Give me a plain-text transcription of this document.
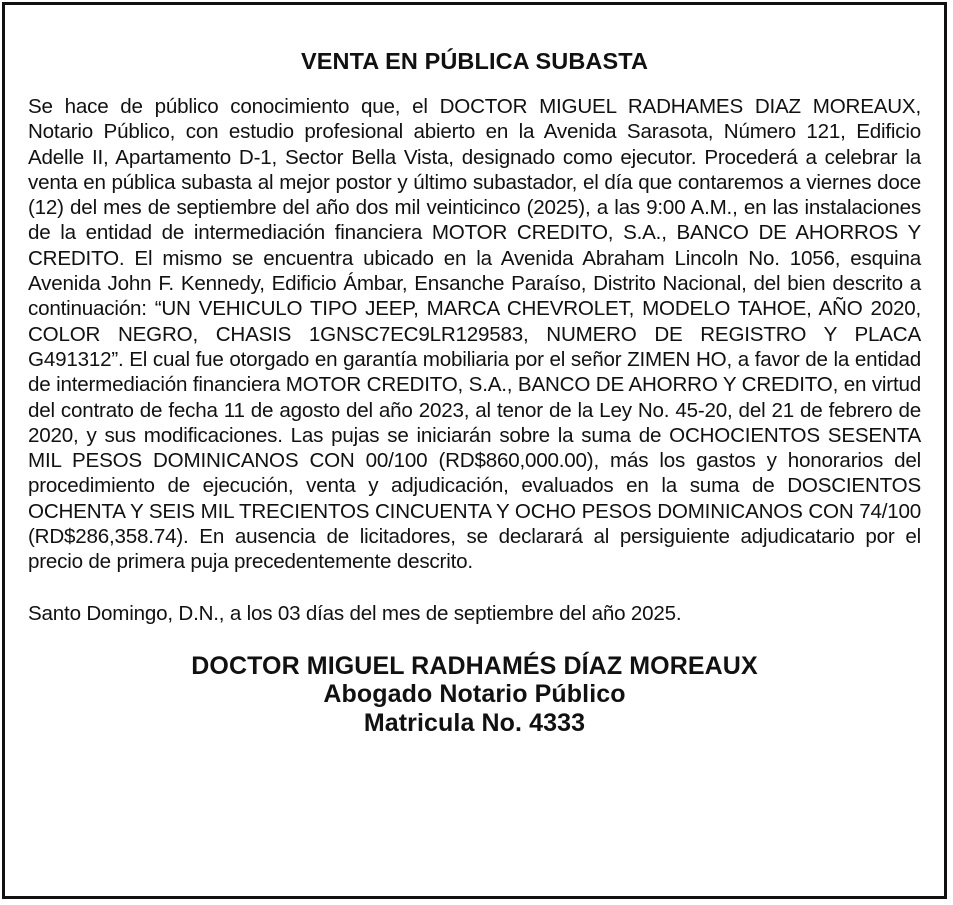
VENTA EN PÚBLICA SUBASTA

Se hace de público conocimiento que, el DOCTOR MIGUEL RADHAMES DIAZ MOREAUX, Notario Público, con estudio profesional abierto en la Avenida Sarasota, Número 121, Edificio Adelle II, Apartamento D-1, Sector Bella Vista, designado como ejecutor. Procederá a celebrar la venta en pública subasta al mejor postor y último subastador, el día que contaremos a viernes doce (12) del mes de septiembre del año dos mil veinticinco (2025), a las 9:00 A.M., en las instalaciones de la entidad de intermediación financiera MOTOR CREDITO, S.A., BANCO DE AHORROS Y CREDITO. El mismo se encuentra ubicado en la Avenida Abraham Lincoln No. 1056, esquina Avenida John F. Kennedy, Edificio Ámbar, Ensanche Paraíso, Distrito Nacional, del bien descrito a continuación: “UN VEHICULO TIPO JEEP, MARCA CHEVROLET, MODELO TAHOE, AÑO 2020, COLOR NEGRO, CHASIS 1GNSC7EC9LR129583, NUMERO DE REGISTRO Y PLACA G491312”. El cual fue otorgado en garantía mobiliaria por el señor ZIMEN HO, a favor de la entidad de intermediación financiera MOTOR CREDITO, S.A., BANCO DE AHORRO Y CREDITO, en virtud del contrato de fecha 11 de agosto del año 2023, al tenor de la Ley No. 45-20, del 21 de febrero de 2020, y sus modificaciones. Las pujas se iniciarán sobre la suma de OCHOCIENTOS SESENTA MIL PESOS DOMINICANOS CON 00/100 (RD$860,000.00), más los gastos y honorarios del procedimiento de ejecución, venta y adjudicación, evaluados en la suma de DOSCIENTOS OCHENTA Y SEIS MIL TRECIENTOS CINCUENTA Y OCHO PESOS DOMINICANOS CON 74/100 (RD$286,358.74). En ausencia de licitadores, se declarará al persiguiente adjudicatario por el precio de primera puja precedentemente descrito.

Santo Domingo, D.N., a los 03 días del mes de septiembre del año 2025.

DOCTOR MIGUEL RADHAMÉS DÍAZ MOREAUX
Abogado Notario Público
Matricula No. 4333
